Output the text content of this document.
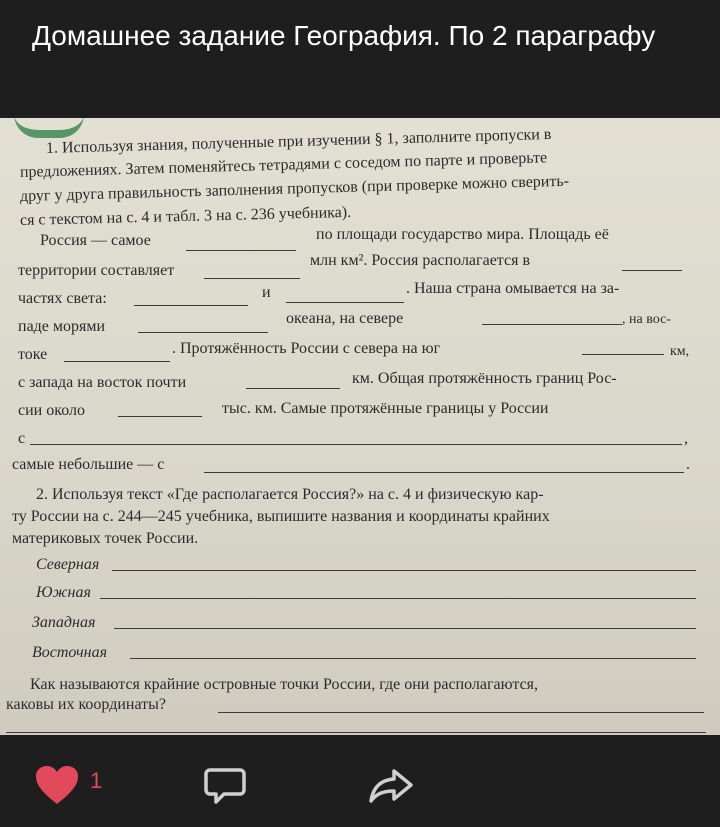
Домашнее задание География. По 2 параграфу
1. Используя знания, полученные при изучении § 1, заполните пропуски в
предложениях. Затем поменяйтесь тетрадями с соседом по парте и проверьте
друг у друга правильность заполнения пропусков (при проверке можно сверить-
ся с текстом на с. 4 и табл. 3 на с. 236 учебника).
Россия — самое	по площади государство мира. Площадь её
территории составляет
млн км². Россия располагается в
частях света:	и	. Наша страна омывается на за-
паде морями	океана, на севере	, на вос-
токе	. Протяжённость России с севера на юг	км,
с запада на восток почти	км. Общая протяжённость границ Рос-
сии около	тыс. км. Самые протяжённые границы у России
с	,
самые небольшие — с	.
2. Используя текст «Где располагается Россия?» на с. 4 и физическую кар-
ту России на с. 244—245 учебника, выпишите названия и координаты крайних
материковых точек России.
Северная
Южная
Западная
Восточная
Как называются крайние островные точки России, где они располагаются,
каковы их координаты?
1
